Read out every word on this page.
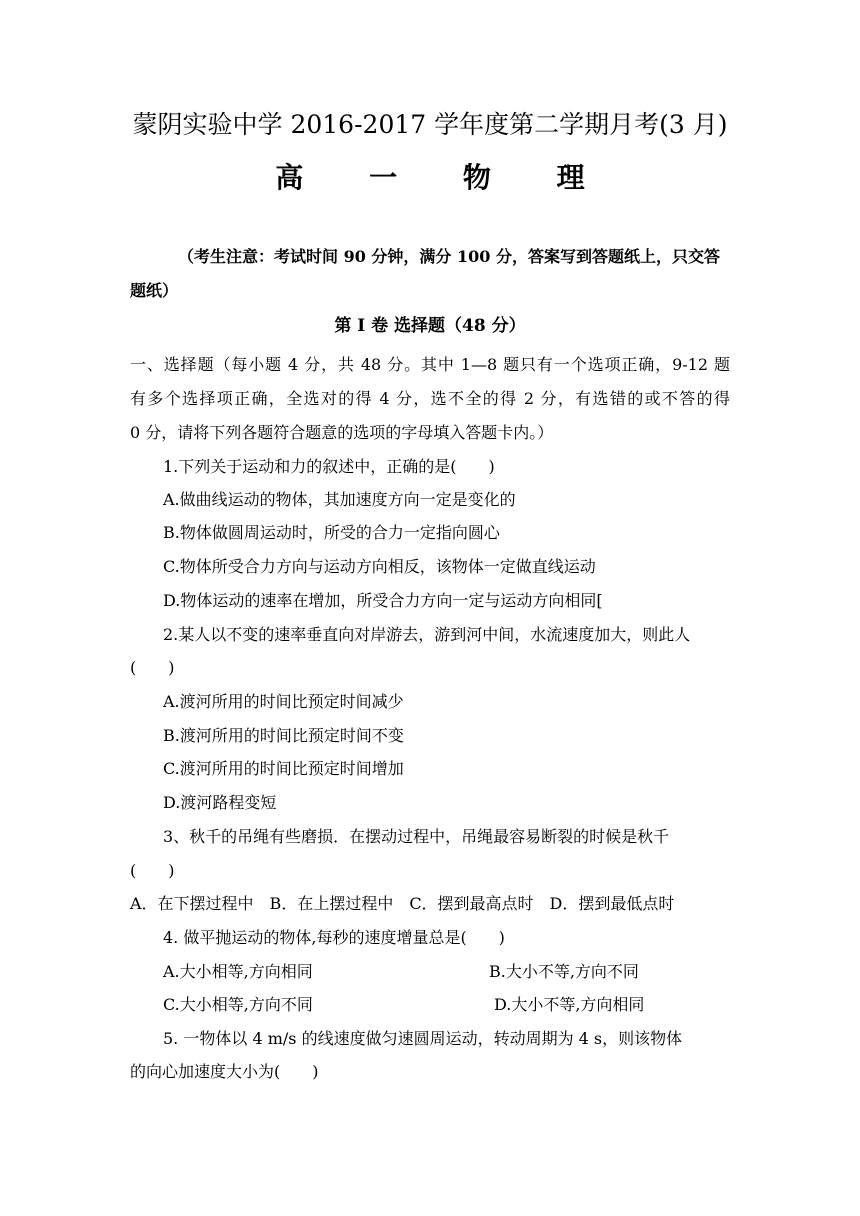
蒙阴实验中学 2016-2017 学年度第二学期月考(3 月)
高 一 物 理
（考生注意：考试时间 90 分钟，满分 100 分，答案写到答题纸上，只交答
题纸）
第 I 卷 选择题（48 分）
一、选择题（每小题 4 分，共 48 分。其中 1—8 题只有一个选项正确，9-12 题
有多个选择项正确，全选对的得 4 分，选不全的得 2 分，有选错的或不答的得
0 分，请将下列各题符合题意的选项的字母填入答题卡内。）
1.下列关于运动和力的叙述中，正确的是(　　)
A.做曲线运动的物体，其加速度方向一定是变化的
B.物体做圆周运动时，所受的合力一定指向圆心
C.物体所受合力方向与运动方向相反，该物体一定做直线运动
D.物体运动的速率在增加，所受合力方向一定与运动方向相同[
2.某人以不变的速率垂直向对岸游去，游到河中间，水流速度加大，则此人
(　　)
A.渡河所用的时间比预定时间减少
B.渡河所用的时间比预定时间不变
C.渡河所用的时间比预定时间增加
D.渡河路程变短
3、秋千的吊绳有些磨损．在摆动过程中，吊绳最容易断裂的时候是秋千
(　　)
A．在下摆过程中　B．在上摆过程中　C．摆到最高点时　D．摆到最低点时
4. 做平抛运动的物体,每秒的速度增量总是(　　)
A.大小相等,方向相同	B.大小不等,方向不同
C.大小相等,方向不同	D.大小不等,方向相同
5. 一物体以 4 m/s 的线速度做匀速圆周运动，转动周期为 4 s，则该物体
的向心加速度大小为(　　)
